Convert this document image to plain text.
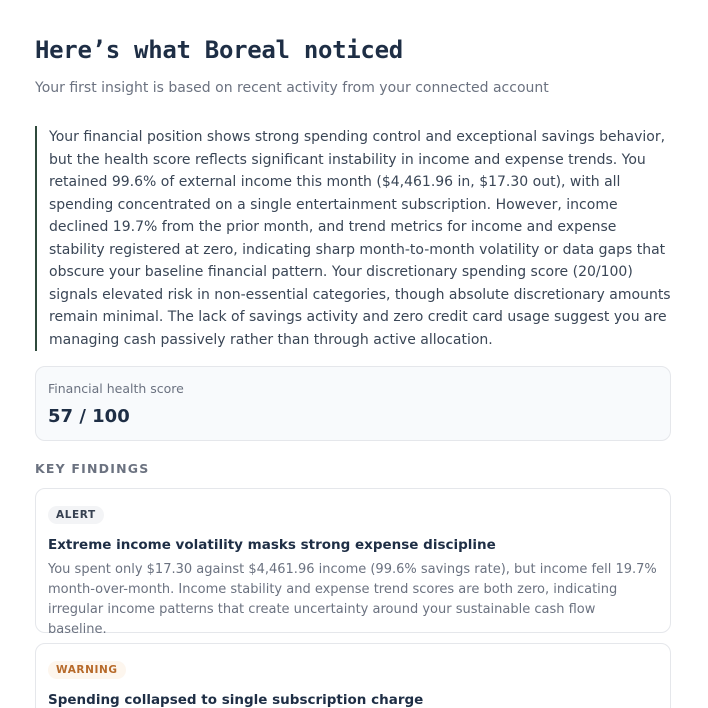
Here’s what Boreal noticed

Your first insight is based on recent activity from your connected account

Your financial position shows strong spending control and exceptional savings behavior, but the health score reflects significant instability in income and expense trends. You retained 99.6% of external income this month ($4,461.96 in, $17.30 out), with all spending concentrated on a single entertainment subscription. However, income declined 19.7% from the prior month, and trend metrics for income and expense stability registered at zero, indicating sharp month-to-month volatility or data gaps that obscure your baseline financial pattern. Your discretionary spending score (20/100) signals elevated risk in non-essential categories, though absolute discretionary amounts remain minimal. The lack of savings activity and zero credit card usage suggest you are managing cash passively rather than through active allocation.

Financial health score
57 / 100
KEY FINDINGS
ALERT
Extreme income volatility masks strong expense discipline
You spent only $17.30 against $4,461.96 income (99.6% savings rate), but income fell 19.7% month-over-month. Income stability and expense trend scores are both zero, indicating irregular income patterns that create uncertainty around your sustainable cash flow baseline.
WARNING
Spending collapsed to single subscription charge
